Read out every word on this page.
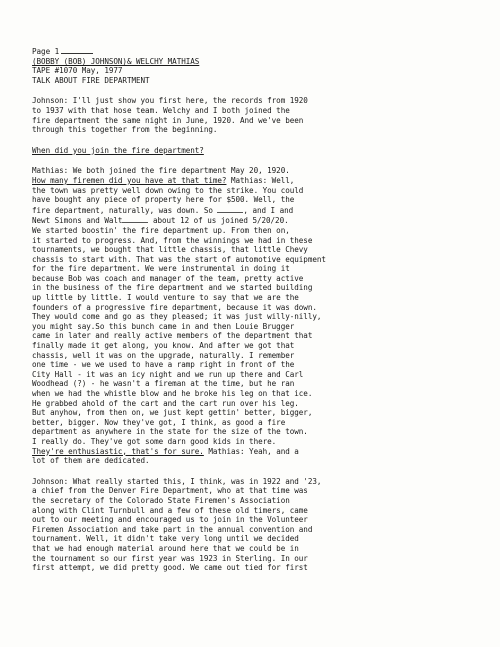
Page 1
(BOBBY (BOB) JOHNSON)& WELCHY MATHIAS
TAPE #1070 May, 1977
TALK ABOUT FIRE DEPARTMENT
Johnson: I'll just show you first here, the records from 1920
to 1937 with that hose team. Welchy and I both joined the
fire department the same night in June, 1920. And we've been
through this together from the beginning.
When did you join the fire department?
Mathias: We both joined the fire department May 20, 1920.
How many firemen did you have at that time? Mathias: Well,
the town was pretty well down owing to the strike. You could
have bought any piece of property here for $500. Well, the
fire department, naturally, was down. So	, and I and
Newt Simons and Walt	about 12 of us joined 5/20/20.
We started boostin' the fire department up. From then on,
it started to progress. And, from the winnings we had in these
tournaments, we bought that little chassis, that little Chevy
chassis to start with. That was the start of automotive equipment
for the fire department. We were instrumental in doing it
because Bob was coach and manager of the team, pretty active
in the business of the fire department and we started building
up little by little. I would venture to say that we are the
founders of a progressive fire department, because it was down.
They would come and go as they pleased; it was just willy-nilly,
you might say.So this bunch came in and then Louie Brugger
came in later and really active members of the department that
finally made it get along, you know. And after we got that
chassis, well it was on the upgrade, naturally. I remember
one time - we we used to have a ramp right in front of the
City Hall - it was an icy night and we run up there and Carl
Woodhead (?) - he wasn't a fireman at the time, but he ran
when we had the whistle blow and he broke his leg on that ice.
He grabbed ahold of the cart and the cart run over his leg.
But anyhow, from then on, we just kept gettin' better, bigger,
better, bigger. Now they've got, I think, as good a fire
department as anywhere in the state for the size of the town.
I really do. They've got some darn good kids in there.
They're enthusiastic, that's for sure. Mathias: Yeah, and a
lot of them are dedicated.
Johnson: What really started this, I think, was in 1922 and '23,
a chief from the Denver Fire Department, who at that time was
the secretary of the Colorado State Firemen's Association
along with Clint Turnbull and a few of these old timers, came
out to our meeting and encouraged us to join in the Volunteer
Firemen Association and take part in the annual convention and
tournament. Well, it didn't take very long until we decided
that we had enough material around here that we could be in
the tournament so our first year was 1923 in Sterling. In our
first attempt, we did pretty good. We came out tied for first
